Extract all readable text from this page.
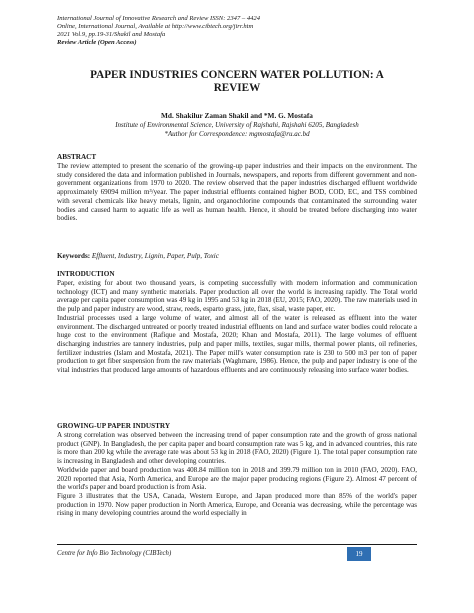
International Journal of Innovative Research and Review ISSN: 2347 – 4424
Online, International Journal, Available at http://www.cibtech.org/jirr.htm
2021 Vol.9, pp.19-31/Shakil and Mostafa
Review Article (Open Access)
PAPER INDUSTRIES CONCERN WATER POLLUTION: A
REVIEW
Md. Shakilur Zaman Shakil and *M. G. Mostafa
Institute of Environmental Science, University of Rajshahi, Rajshahi 6205, Bangladesh
*Author for Correspondence: mgmostafa@ru.ac.bd
ABSTRACT

The review attempted to present the scenario of the growing-up paper industries and their impacts on the environment. The study considered the data and information published in Journals, newspapers, and reports from different government and non-government organizations from 1970 to 2020. The review observed that the paper industries discharged effluent worldwide approximately 69094 million m³/year. The paper industrial effluents contained higher BOD, COD, EC, and TSS combined with several chemicals like heavy metals, lignin, and organochlorine compounds that contaminated the surrounding water bodies and caused harm to aquatic life as well as human health. Hence, it should be treated before discharging into water bodies.

Keywords: Effluent, Industry, Lignin, Paper, Pulp, Toxic
INTRODUCTION

Paper, existing for about two thousand years, is competing successfully with modern information and communication technology (ICT) and many synthetic materials. Paper production all over the world is increasing rapidly. The Total world average per capita paper consumption was 49 kg in 1995 and 53 kg in 2018 (EU, 2015; FAO, 2020). The raw materials used in the pulp and paper industry are wood, straw, reeds, esparto grass, jute, flax, sisal, waste paper, etc.

Industrial processes used a large volume of water, and almost all of the water is released as effluent into the water environment. The discharged untreated or poorly treated industrial effluents on land and surface water bodies could relocate a huge cost to the environment (Rafique and Mostafa, 2020; Khan and Mostafa, 2011). The large volumes of effluent discharging industries are tannery industries, pulp and paper mills, textiles, sugar mills, thermal power plants, oil refineries, fertilizer industries (Islam and Mostafa, 2021). The Paper mill's water consumption rate is 230 to 500 m3 per ton of paper production to get fiber suspension from the raw materials (Waghmare, 1986). Hence, the pulp and paper industry is one of the vital industries that produced large amounts of hazardous effluents and are continuously releasing into surface water bodies.

GROWING-UP PAPER INDUSTRY

A strong correlation was observed between the increasing trend of paper consumption rate and the growth of gross national product (GNP). In Bangladesh, the per capita paper and board consumption rate was 5 kg, and in advanced countries, this rate is more than 200 kg while the average rate was about 53 kg in 2018 (FAO, 2020) (Figure 1). The total paper consumption rate is increasing in Bangladesh and other developing countries.

Worldwide paper and board production was 408.84 million ton in 2018 and 399.79 million ton in 2010 (FAO, 2020). FAO, 2020 reported that Asia, North America, and Europe are the major paper producing regions (Figure 2). Almost 47 percent of the world's paper and board production is from Asia.

Figure 3 illustrates that the USA, Canada, Western Europe, and Japan produced more than 85% of the world's paper production in 1970. Now paper production in North America, Europe, and Oceania was decreasing, while the percentage was rising in many developing countries around the world especially in

Centre for Info Bio Technology (CIBTech)	19
